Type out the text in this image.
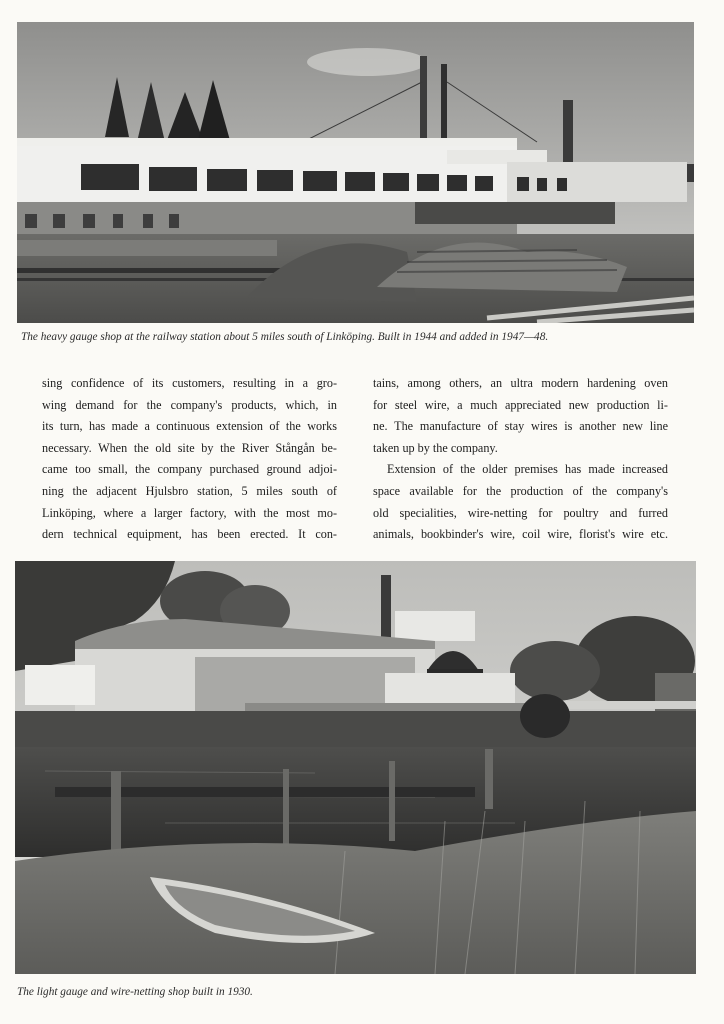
The heavy gauge shop at the railway station about 5 miles south of Linköping. Built in 1944 and added in 1947—48.

sing confidence of its customers, resulting in a gro-
wing demand for the company's products, which, in
its turn, has made a continuous extension of the works
necessary. When the old site by the River Stångån be-
came too small, the company purchased ground adjoi-
ning the adjacent Hjulsbro station, 5 miles south of
Linköping, where a larger factory, with the most mo-
dern technical equipment, has been erected. It con-
tains, among others, an ultra modern hardening oven
for steel wire, a much appreciated new production li-
ne. The manufacture of stay wires is another new line
taken up by the company.
Extension of the older premises has made increased
space available for the production of the company's
old specialities, wire-netting for poultry and furred
animals, bookbinder's wire, coil wire, florist's wire etc.

The light gauge and wire-netting shop built in 1930.
